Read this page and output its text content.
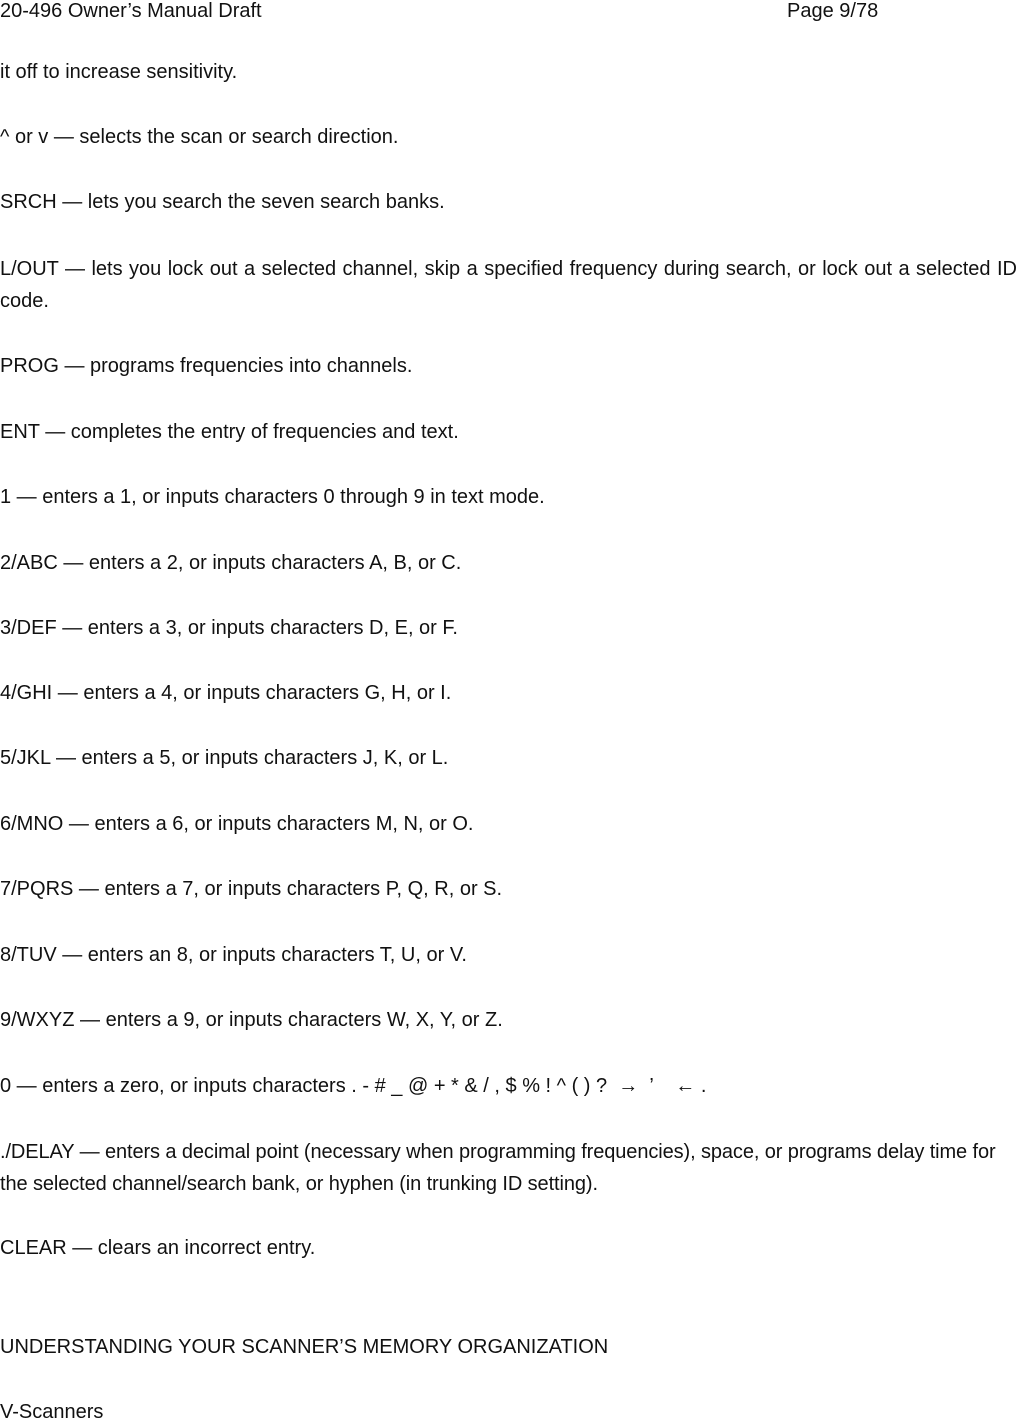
20-496 Owner’s Manual Draft	Page 9/78

it off to increase sensitivity.

^ or v — selects the scan or search direction.

SRCH — lets you search the seven search banks.

L/OUT — lets you lock out a selected channel, skip a specified frequency during search, or lock out a selected ID code.

PROG — programs frequencies into channels.

ENT — completes the entry of frequencies and text.

1 — enters a 1, or inputs characters 0 through 9 in text mode.

2/ABC — enters a 2, or inputs characters A, B, or C.

3/DEF — enters a 3, or inputs characters D, E, or F.

4/GHI — enters a 4, or inputs characters G, H, or I.

5/JKL — enters a 5, or inputs characters J, K, or L.

6/MNO — enters a 6, or inputs characters M, N, or O.

7/PQRS — enters a 7, or inputs characters P, Q, R, or S.

8/TUV — enters an 8, or inputs characters T, U, or V.

9/WXYZ — enters a 9, or inputs characters W, X, Y, or Z.

0 — enters a zero, or inputs characters . - # _ @ + * & / , $ % ! ^ ( ) ?  →  ’    ← .

./DELAY — enters a decimal point (necessary when programming frequencies), space, or programs delay time for the selected channel/search bank, or hyphen (in trunking ID setting).

CLEAR — clears an incorrect entry.

UNDERSTANDING YOUR SCANNER’S MEMORY ORGANIZATION

V-Scanners
